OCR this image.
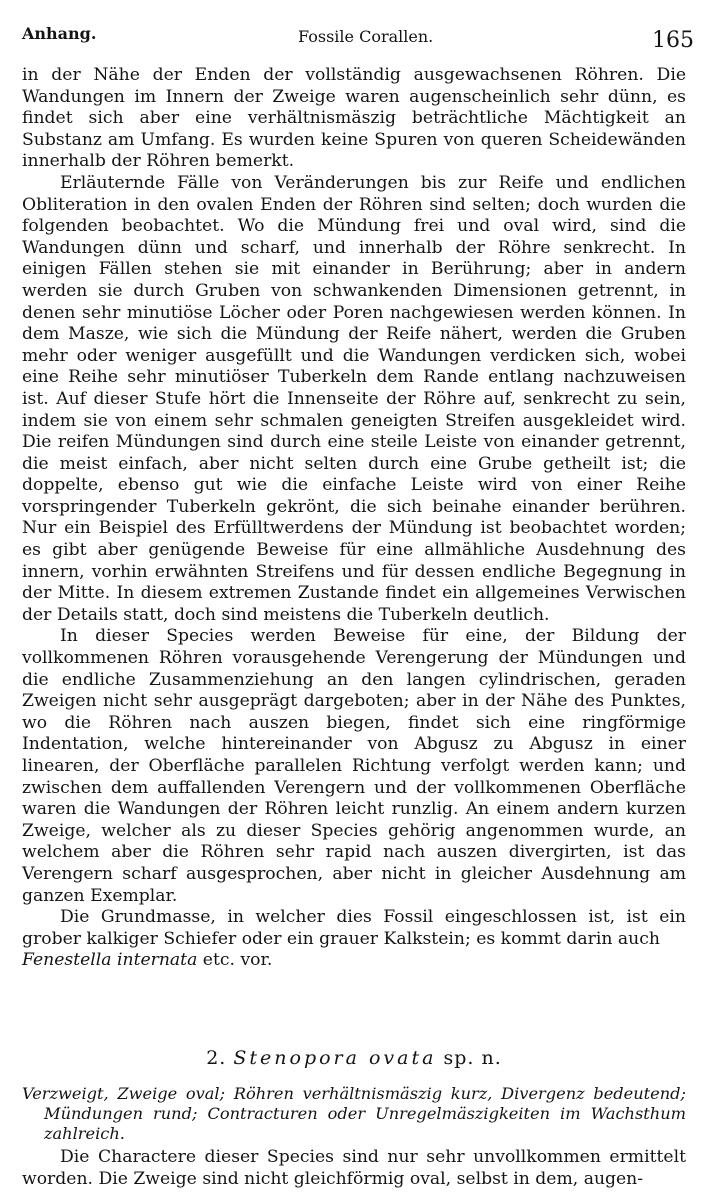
Anhang.	Fossile Corallen.	165

in der Nähe der Enden der vollständig ausgewachsenen Röhren. Die Wandungen im Innern der Zweige waren augenscheinlich sehr dünn, es findet sich aber eine verhältnismäszig beträchtliche Mächtigkeit an Substanz am Umfang. Es wurden keine Spuren von queren Scheidewänden innerhalb der Röhren bemerkt.

Erläuternde Fälle von Veränderungen bis zur Reife und endlichen Obliteration in den ovalen Enden der Röhren sind selten; doch wurden die folgenden beobachtet. Wo die Mündung frei und oval wird, sind die Wandungen dünn und scharf, und innerhalb der Röhre senkrecht. In einigen Fällen stehen sie mit einander in Berührung; aber in andern werden sie durch Gruben von schwankenden Dimensionen getrennt, in denen sehr minutiöse Löcher oder Poren nachgewiesen werden können. In dem Masze, wie sich die Mündung der Reife nähert, werden die Gruben mehr oder weniger ausgefüllt und die Wandungen verdicken sich, wobei eine Reihe sehr minutiöser Tuberkeln dem Rande entlang nachzuweisen ist. Auf dieser Stufe hört die Innenseite der Röhre auf, senkrecht zu sein, indem sie von einem sehr schmalen geneigten Streifen ausgekleidet wird. Die reifen Mündungen sind durch eine steile Leiste von einander getrennt, die meist einfach, aber nicht selten durch eine Grube getheilt ist; die doppelte, ebenso gut wie die einfache Leiste wird von einer Reihe vorspringender Tuberkeln gekrönt, die sich beinahe einander berühren. Nur ein Beispiel des Erfülltwerdens der Mündung ist beobachtet worden; es gibt aber genügende Beweise für eine allmähliche Ausdehnung des innern, vorhin erwähnten Streifens und für dessen endliche Begegnung in der Mitte. In diesem extremen Zustande findet ein allgemeines Verwischen der Details statt, doch sind meistens die Tuberkeln deutlich.

In dieser Species werden Beweise für eine, der Bildung der vollkommenen Röhren vorausgehende Verengerung der Mündungen und die endliche Zusammenziehung an den langen cylindrischen, geraden Zweigen nicht sehr ausgeprägt dargeboten; aber in der Nähe des Punktes, wo die Röhren nach auszen biegen, findet sich eine ringförmige Indentation, welche hintereinander von Abgusz zu Abgusz in einer linearen, der Oberfläche parallelen Richtung verfolgt werden kann; und zwischen dem auffallenden Verengern und der vollkommenen Oberfläche waren die Wandungen der Röhren leicht runzlig. An einem andern kurzen Zweige, welcher als zu dieser Species gehörig angenommen wurde, an welchem aber die Röhren sehr rapid nach auszen divergirten, ist das Verengern scharf ausgesprochen, aber nicht in gleicher Ausdehnung am ganzen Exemplar.

Die Grundmasse, in welcher dies Fossil eingeschlossen ist, ist ein grober kalkiger Schiefer oder ein grauer Kalkstein; es kommt darin auch
Fenestella internata etc. vor.

2. Stenopora ovata sp. n.

Verzweigt, Zweige oval; Röhren verhältnismäszig kurz, Divergenz bedeutend; Mündungen rund; Contracturen oder Unregelmäszigkeiten im Wachsthum zahlreich.

Die Charactere dieser Species sind nur sehr unvollkommen ermittelt worden. Die Zweige sind nicht gleichförmig oval, selbst in dem, augen-
